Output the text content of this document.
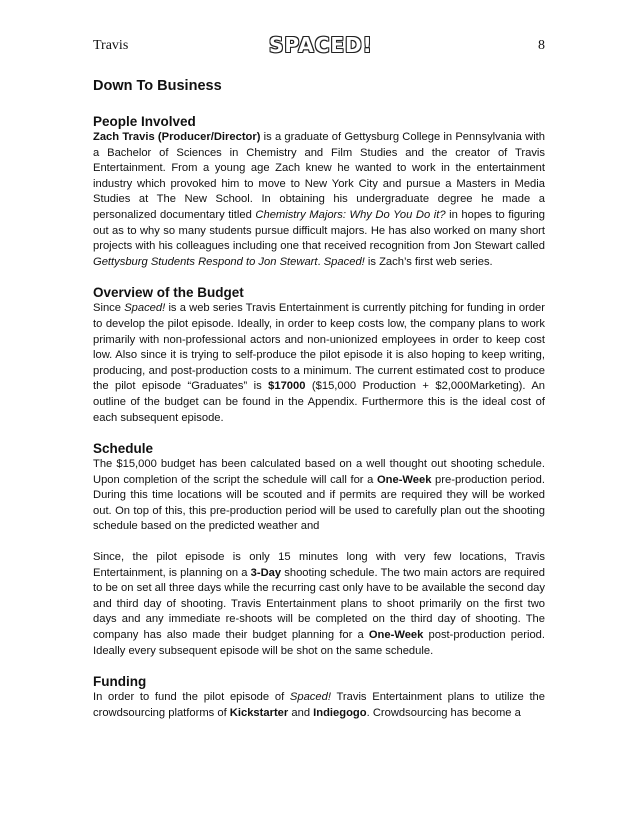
Travis	SPACED!	8
Down To Business
People Involved

Zach Travis (Producer/Director) is a graduate of Gettysburg College in Pennsylvania with a Bachelor of Sciences in Chemistry and Film Studies and the creator of Travis Entertainment. From a young age Zach knew he wanted to work in the entertainment industry which provoked him to move to New York City and pursue a Masters in Media Studies at The New School. In obtaining his undergraduate degree he made a personalized documentary titled Chemistry Majors: Why Do You Do it? in hopes to figuring out as to why so many students pursue difficult majors. He has also worked on many short projects with his colleagues including one that received recognition from Jon Stewart called Gettysburg Students Respond to Jon Stewart. Spaced! is Zach’s first web series.

Overview of the Budget

Since Spaced! is a web series Travis Entertainment is currently pitching for funding in order to develop the pilot episode. Ideally, in order to keep costs low, the company plans to work primarily with non-professional actors and non-unionized employees in order to keep cost low. Also since it is trying to self-produce the pilot episode it is also hoping to keep writing, producing, and post-production costs to a minimum. The current estimated cost to produce the pilot episode “Graduates” is $17000 ($15,000 Production + $2,000Marketing). An outline of the budget can be found in the Appendix. Furthermore this is the ideal cost of each subsequent episode.

Schedule

The $15,000 budget has been calculated based on a well thought out shooting schedule. Upon completion of the script the schedule will call for a One-Week pre-production period. During this time locations will be scouted and if permits are required they will be worked out. On top of this, this pre-production period will be used to carefully plan out the shooting schedule based on the predicted weather and

Since, the pilot episode is only 15 minutes long with very few locations, Travis Entertainment, is planning on a 3-Day shooting schedule. The two main actors are required to be on set all three days while the recurring cast only have to be available the second day and third day of shooting. Travis Entertainment plans to shoot primarily on the first two days and any immediate re-shoots will be completed on the third day of shooting. The company has also made their budget planning for a One-Week post-production period. Ideally every subsequent episode will be shot on the same schedule.

Funding

In order to fund the pilot episode of Spaced! Travis Entertainment plans to utilize the crowdsourcing platforms of Kickstarter and Indiegogo. Crowdsourcing has become a
